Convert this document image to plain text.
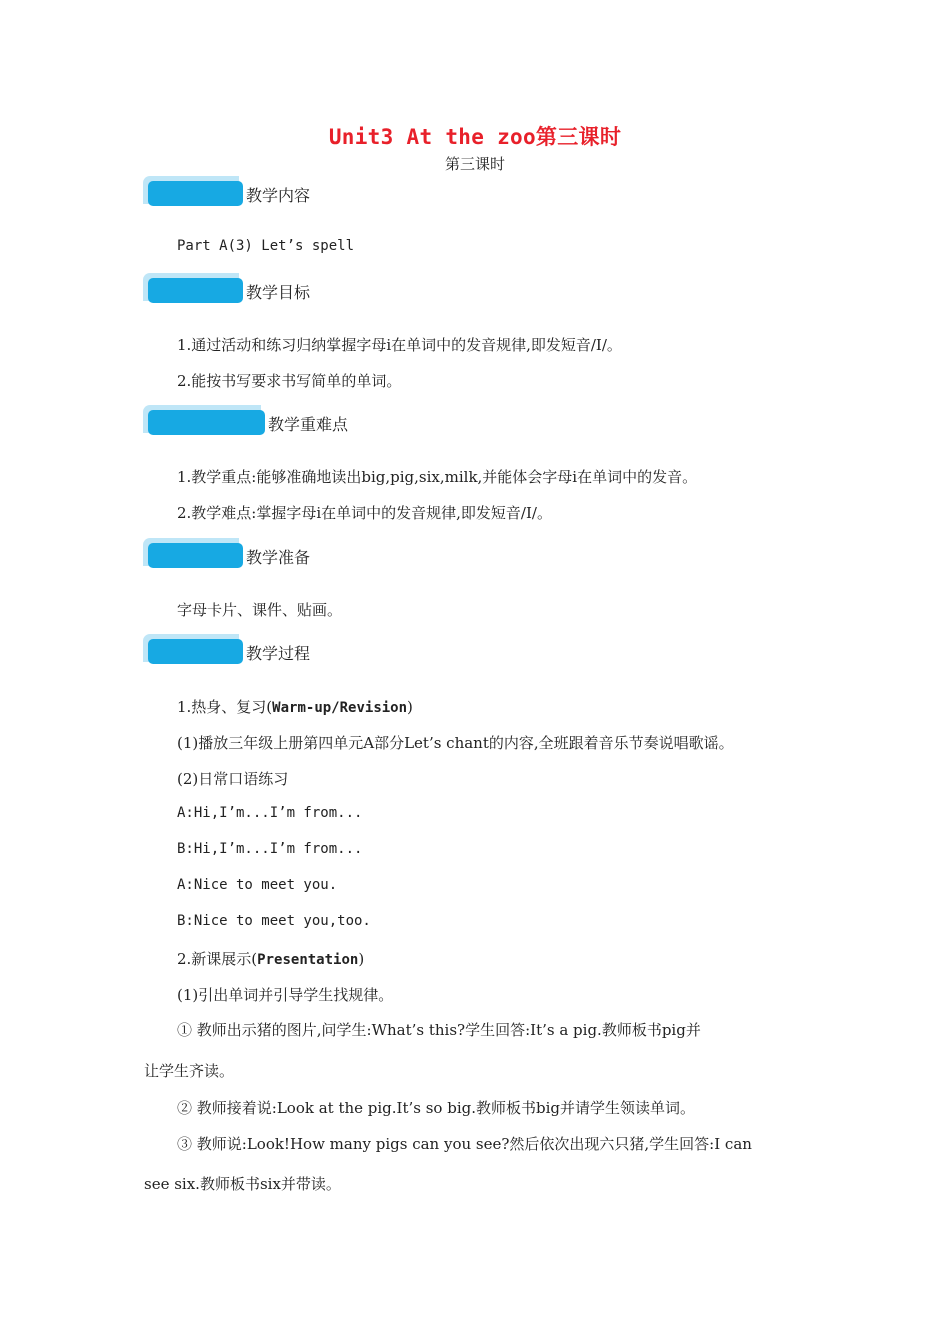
Unit3 At the zoo第三课时
第三课时
教学内容
Part A(3) Let’s spell
教学目标
1.通过活动和练习归纳掌握字母i在单词中的发音规律,即发短音/I/。
2.能按书写要求书写简单的单词。
教学重难点
1.教学重点:能够准确地读出big,pig,six,milk,并能体会字母i在单词中的发音。
2.教学难点:掌握字母i在单词中的发音规律,即发短音/I/。
教学准备
字母卡片、课件、贴画。
教学过程
1.热身、复习(Warm-up/Revision)
(1)播放三年级上册第四单元A部分Let’s chant的内容,全班跟着音乐节奏说唱歌谣。
(2)日常口语练习
A:Hi,I’m...I’m from...
B:Hi,I’m...I’m from...
A:Nice to meet you.
B:Nice to meet you,too.
2.新课展示(Presentation)
(1)引出单词并引导学生找规律。
① 教师出示猪的图片,问学生:What’s this?学生回答:It’s a pig.教师板书pig并
让学生齐读。
② 教师接着说:Look at the pig.It’s so big.教师板书big并请学生领读单词。
③ 教师说:Look!How many pigs can you see?然后依次出现六只猪,学生回答:I can
see six.教师板书six并带读。
